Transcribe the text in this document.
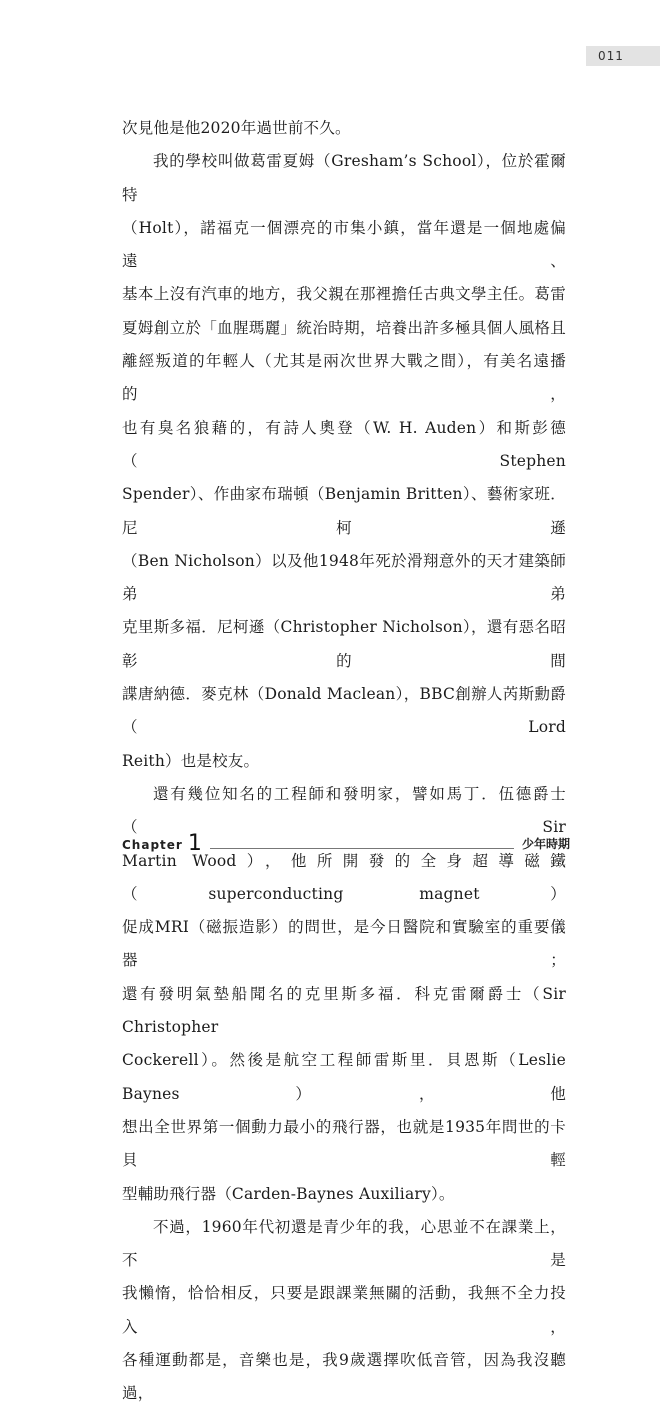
011
次見他是他2020年過世前不久。
我的學校叫做葛雷夏姆（Gresham’s School），位於霍爾特
（Holt），諾福克一個漂亮的市集小鎮，當年還是一個地處偏遠、
基本上沒有汽車的地方，我父親在那裡擔任古典文學主任。葛雷
夏姆創立於「血腥瑪麗」統治時期，培養出許多極具個人風格且
離經叛道的年輕人（尤其是兩次世界大戰之間），有美名遠播的，
也有臭名狼藉的，有詩人奧登（W. H. Auden）和斯彭德（Stephen
Spender）、作曲家布瑞頓（Benjamin Britten）、藝術家班．尼柯遜
（Ben Nicholson）以及他1948年死於滑翔意外的天才建築師弟弟
克里斯多福．尼柯遜（Christopher Nicholson），還有惡名昭彰的間
諜唐納德．麥克林（Donald Maclean），BBC創辦人芮斯勳爵（Lord
Reith）也是校友。
還有幾位知名的工程師和發明家，譬如馬丁．伍德爵士（Sir
Martin Wood），他所開發的全身超導磁鐵（superconducting magnet）
促成MRI（磁振造影）的問世，是今日醫院和實驗室的重要儀器；
還有發明氣墊船聞名的克里斯多福．科克雷爾爵士（Sir Christopher
Cockerell）。然後是航空工程師雷斯里．貝恩斯（Leslie Baynes），他
想出全世界第一個動力最小的飛行器，也就是1935年問世的卡貝輕
型輔助飛行器（Carden-Baynes Auxiliary）。
不過，1960年代初還是青少年的我，心思並不在課業上，不是
我懶惰，恰恰相反，只要是跟課業無關的活動，我無不全力投入，
各種運動都是，音樂也是，我9歲選擇吹低音管，因為我沒聽過，
Chapter 1	少年時期
